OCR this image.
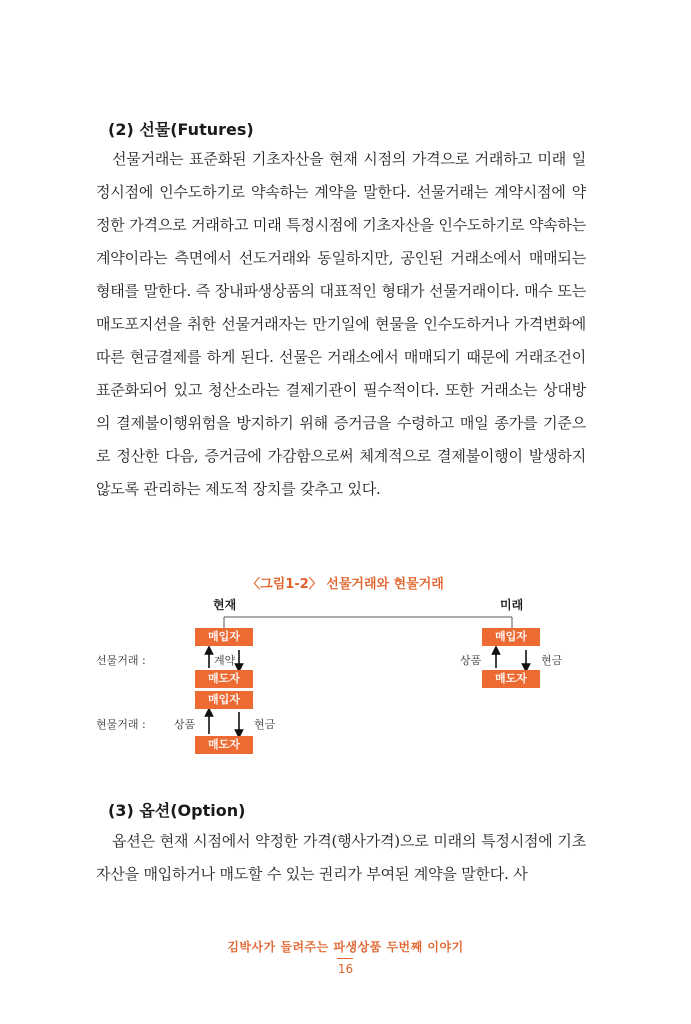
(2) 선물(Futures)

선물거래는 표준화된 기초자산을 현재 시점의 가격으로 거래하고 미래 일정시점에 인수도하기로 약속하는 계약을 말한다. 선물거래는 계약시점에 약정한 가격으로 거래하고 미래 특정시점에 기초자산을 인수도하기로 약속하는 계약이라는 측면에서 선도거래와 동일하지만, 공인된 거래소에서 매매되는 형태를 말한다. 즉 장내파생상품의 대표적인 형태가 선물거래이다. 매수 또는 매도포지션을 취한 선물거래자는 만기일에 현물을 인수도하거나 가격변화에 따른 현금결제를 하게 된다. 선물은 거래소에서 매매되기 때문에 거래조건이 표준화되어 있고 청산소라는 결제기관이 필수적이다. 또한 거래소는 상대방의 결제불이행위험을 방지하기 위해 증거금을 수령하고 매일 종가를 기준으로 정산한 다음, 증거금에 가감함으로써 체계적으로 결제불이행이 발생하지 않도록 관리하는 제도적 장치를 갖추고 있다.

〈그림1-2〉 선물거래와 현물거래
현재	미래
선물거래 :
현물거래 :
매입자
계약
매도자
매입자
상품	현금
매도자
매입자
상품	현금
매도자
(3) 옵션(Option)

옵션은 현재 시점에서 약정한 가격(행사가격)으로 미래의 특정시점에 기초자산을 매입하거나 매도할 수 있는 권리가 부여된 계약을 말한다. 사

김박사가 들려주는 파생상품 두번째 이야기
16
